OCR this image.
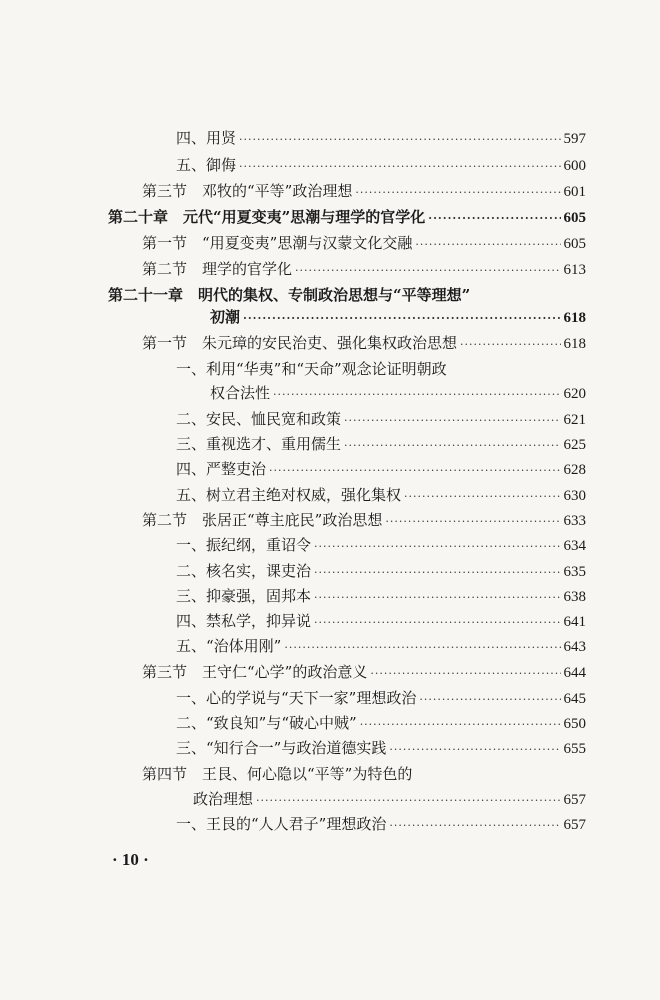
四、用贤 ·····	597
五、御侮 ·····	600
第三节　邓牧的“平等”政治理想 ·····	601
第二十章　元代“用夏变夷”思潮与理学的官学化 ·····	605
第一节　“用夏变夷”思潮与汉蒙文化交融 ·····	605
第二节　理学的官学化 ·····	613
第二十一章　明代的集权、专制政治思想与“平等理想”
初潮 ·····	618
第一节　朱元璋的安民治吏、强化集权政治思想 ·····	618
一、利用“华夷”和“天命”观念论证明朝政
权合法性 ·····	620
二、安民、恤民宽和政策 ·····	621
三、重视选才、重用儒生 ·····	625
四、严整吏治 ·····	628
五、树立君主绝对权威，强化集权 ·····	630
第二节　张居正“尊主庇民”政治思想 ·····	633
一、振纪纲，重诏令 ·····	634
二、核名实，课吏治 ·····	635
三、抑豪强，固邦本 ·····	638
四、禁私学，抑异说 ·····	641
五、“治体用刚” ·····	643
第三节　王守仁“心学”的政治意义 ·····	644
一、心的学说与“天下一家”理想政治 ·····	645
二、“致良知”与“破心中贼” ·····	650
三、“知行合一”与政治道德实践 ·····	655
第四节　王艮、何心隐以“平等”为特色的
政治理想 ·····	657
一、王艮的“人人君子”理想政治 ·····	657
· 10 ·
